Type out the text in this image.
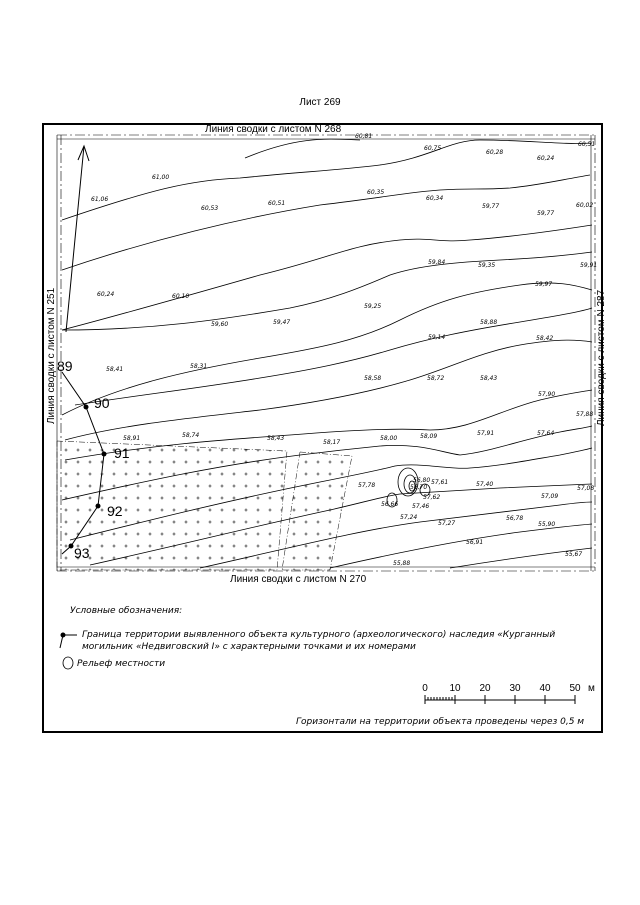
Лист 269
89
90
91
92
93
60,81
60,75
60,28
60,24
60,51
61,00
61,06
60,53
60,51
60,35
60,34
59,77
59,77
60,02
59,84	59,35
59,97
60,24	60,10
59,25
59,60	59,47
59,14
58,88
58,42
58,58	58,72	58,43
58,41	58,31
57,90
57,88
58,91	58,74	58,43
58,17
58,00	58,09	57,91	57,64
57,78
56,80
57,62
57,61	57,40
57,09
57,08
56,66 57,46
57,24
57,27
56,78
56,70
56,91
55,90
55,88
55,67
59,91
Линия сводки с листом N 268
Линия сводки с листом N 270
Линия сводки с листом N 251	Линия сводки с листом N 287
Условные обозначения:
Граница территории выявленного объекта культурного (археологического) наследия «Курганный
могильник «Недвиговский I» с характерными точками и их номерами
Рельеф местности
0 10 20 30 40 50 м
Горизонтали на территории объекта проведены через 0,5 м
